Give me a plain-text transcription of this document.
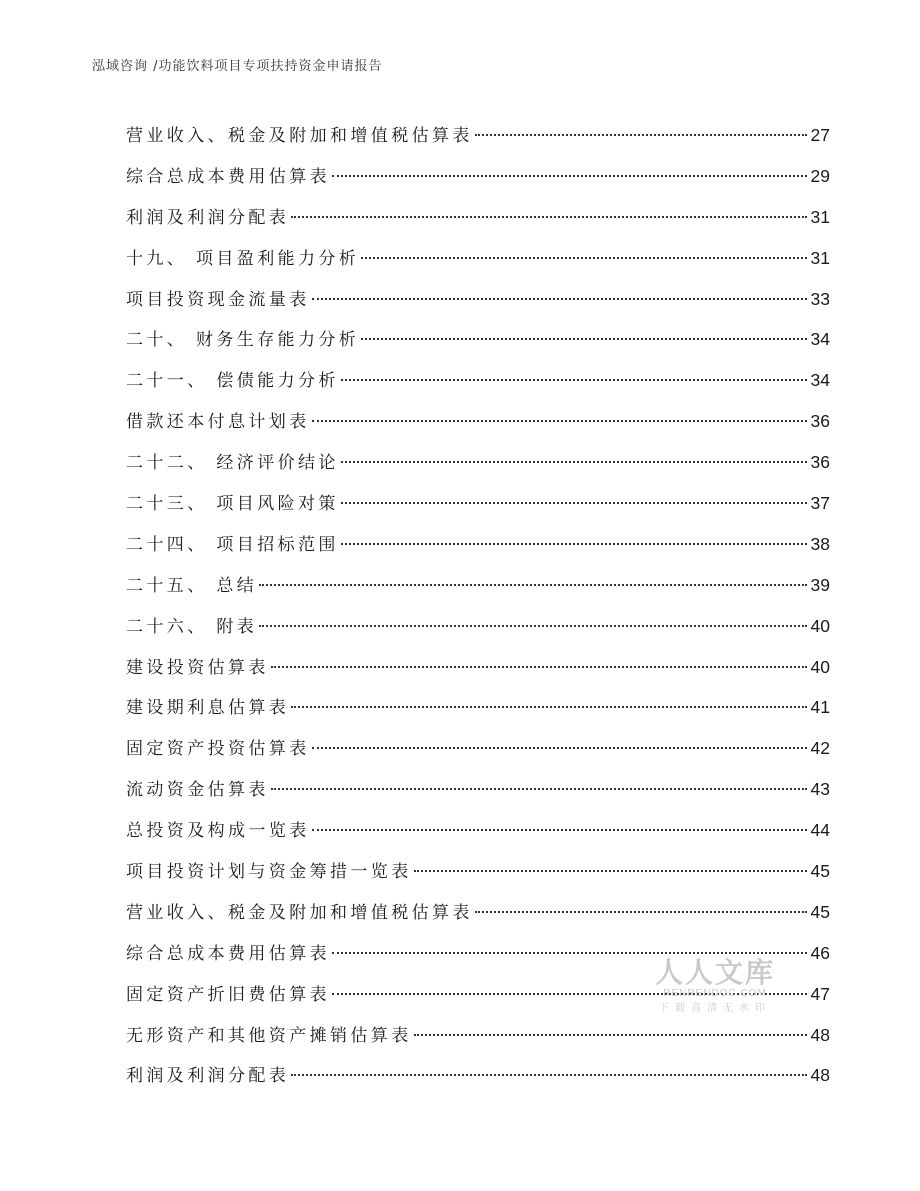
泓域咨询 /功能饮料项目专项扶持资金申请报告
营业收入、税金及附加和增值税估算表	27
综合总成本费用估算表	29
利润及利润分配表	31
十九、 项目盈利能力分析	31
项目投资现金流量表	33
二十、 财务生存能力分析	34
二十一、 偿债能力分析	34
借款还本付息计划表	36
二十二、 经济评价结论	36
二十三、 项目风险对策	37
二十四、 项目招标范围	38
二十五、 总结	39
二十六、 附表	40
建设投资估算表	40
建设期利息估算表	41
固定资产投资估算表	42
流动资金估算表	43
总投资及构成一览表	44
项目投资计划与资金筹措一览表	45
营业收入、税金及附加和增值税估算表	45
综合总成本费用估算表	46
固定资产折旧费估算表	47
无形资产和其他资产摊销估算表	48
利润及利润分配表	48
人人文库
RENRENDOC.COM
下载高清无水印
